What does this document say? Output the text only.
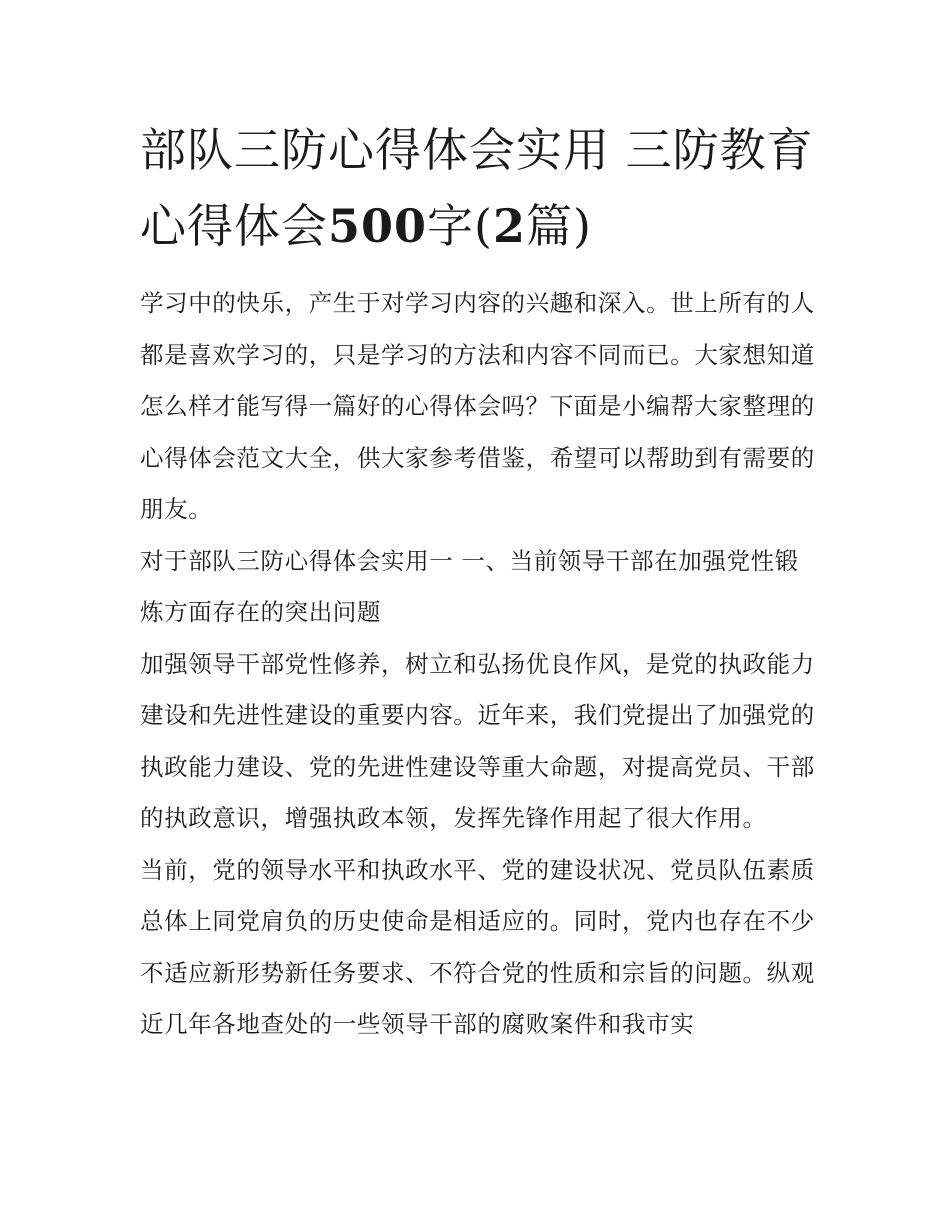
部队三防心得体会实用 三防教育心得体会500字(2篇)

学习中的快乐，产生于对学习内容的兴趣和深入。世上所有的人都是喜欢学习的，只是学习的方法和内容不同而已。大家想知道怎么样才能写得一篇好的心得体会吗？下面是小编帮大家整理的心得体会范文大全，供大家参考借鉴，希望可以帮助到有需要的朋友。

对于部队三防心得体会实用一 一、当前领导干部在加强党性锻炼方面存在的突出问题

加强领导干部党性修养，树立和弘扬优良作风，是党的执政能力建设和先进性建设的重要内容。近年来，我们党提出了加强党的执政能力建设、党的先进性建设等重大命题，对提高党员、干部的执政意识，增强执政本领，发挥先锋作用起了很大作用。

当前，党的领导水平和执政水平、党的建设状况、党员队伍素质总体上同党肩负的历史使命是相适应的。同时，党内也存在不少不适应新形势新任务要求、不符合党的性质和宗旨的问题。纵观近几年各地查处的一些领导干部的腐败案件和我市实
